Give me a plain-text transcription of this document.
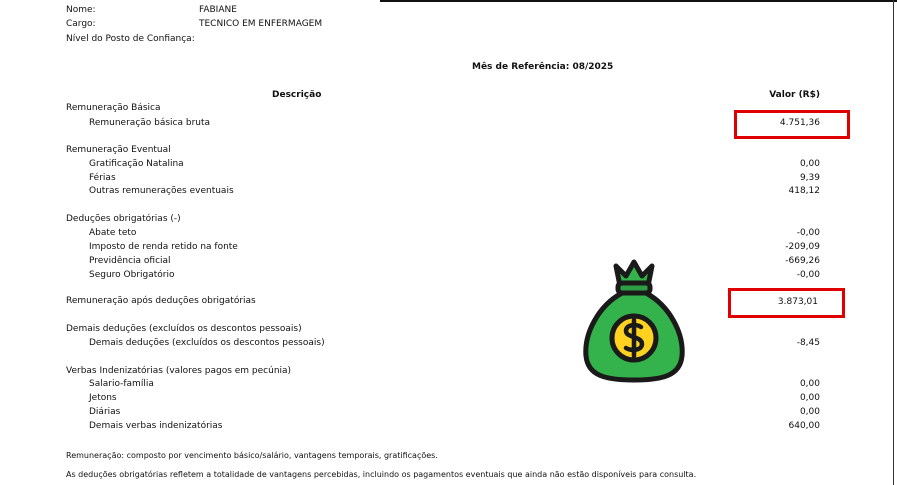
Nome:	FABIANE
Cargo:	TECNICO EM ENFERMAGEM
Nível do Posto de Confiança:
Mês de Referência: 08/2025
Descrição	Valor (R$)
Remuneração Básica
Remuneração básica bruta	4.751,36
Remuneração Eventual
Gratificação Natalina	0,00
Férias	9,39
Outras remunerações eventuais	418,12
Deduções obrigatórias (-)
Abate teto	-0,00
Imposto de renda retido na fonte	-209,09
Previdência oficial	-669,26
Seguro Obrigatório	-0,00
Remuneração após deduções obrigatórias	3.873,01
Demais deduções (excluídos os descontos pessoais)
Demais deduções (excluídos os descontos pessoais)	-8,45
Verbas Indenizatórias (valores pagos em pecúnia)
Salario-família	0,00
Jetons	0,00
Diárias	0,00
Demais verbas indenizatórias	640,00
Remuneração: composto por vencimento básico/salário, vantagens temporais, gratificações.
As deduções obrigatórias refletem a totalidade de vantagens percebidas, incluindo os pagamentos eventuais que ainda não estão disponíveis para consulta.
